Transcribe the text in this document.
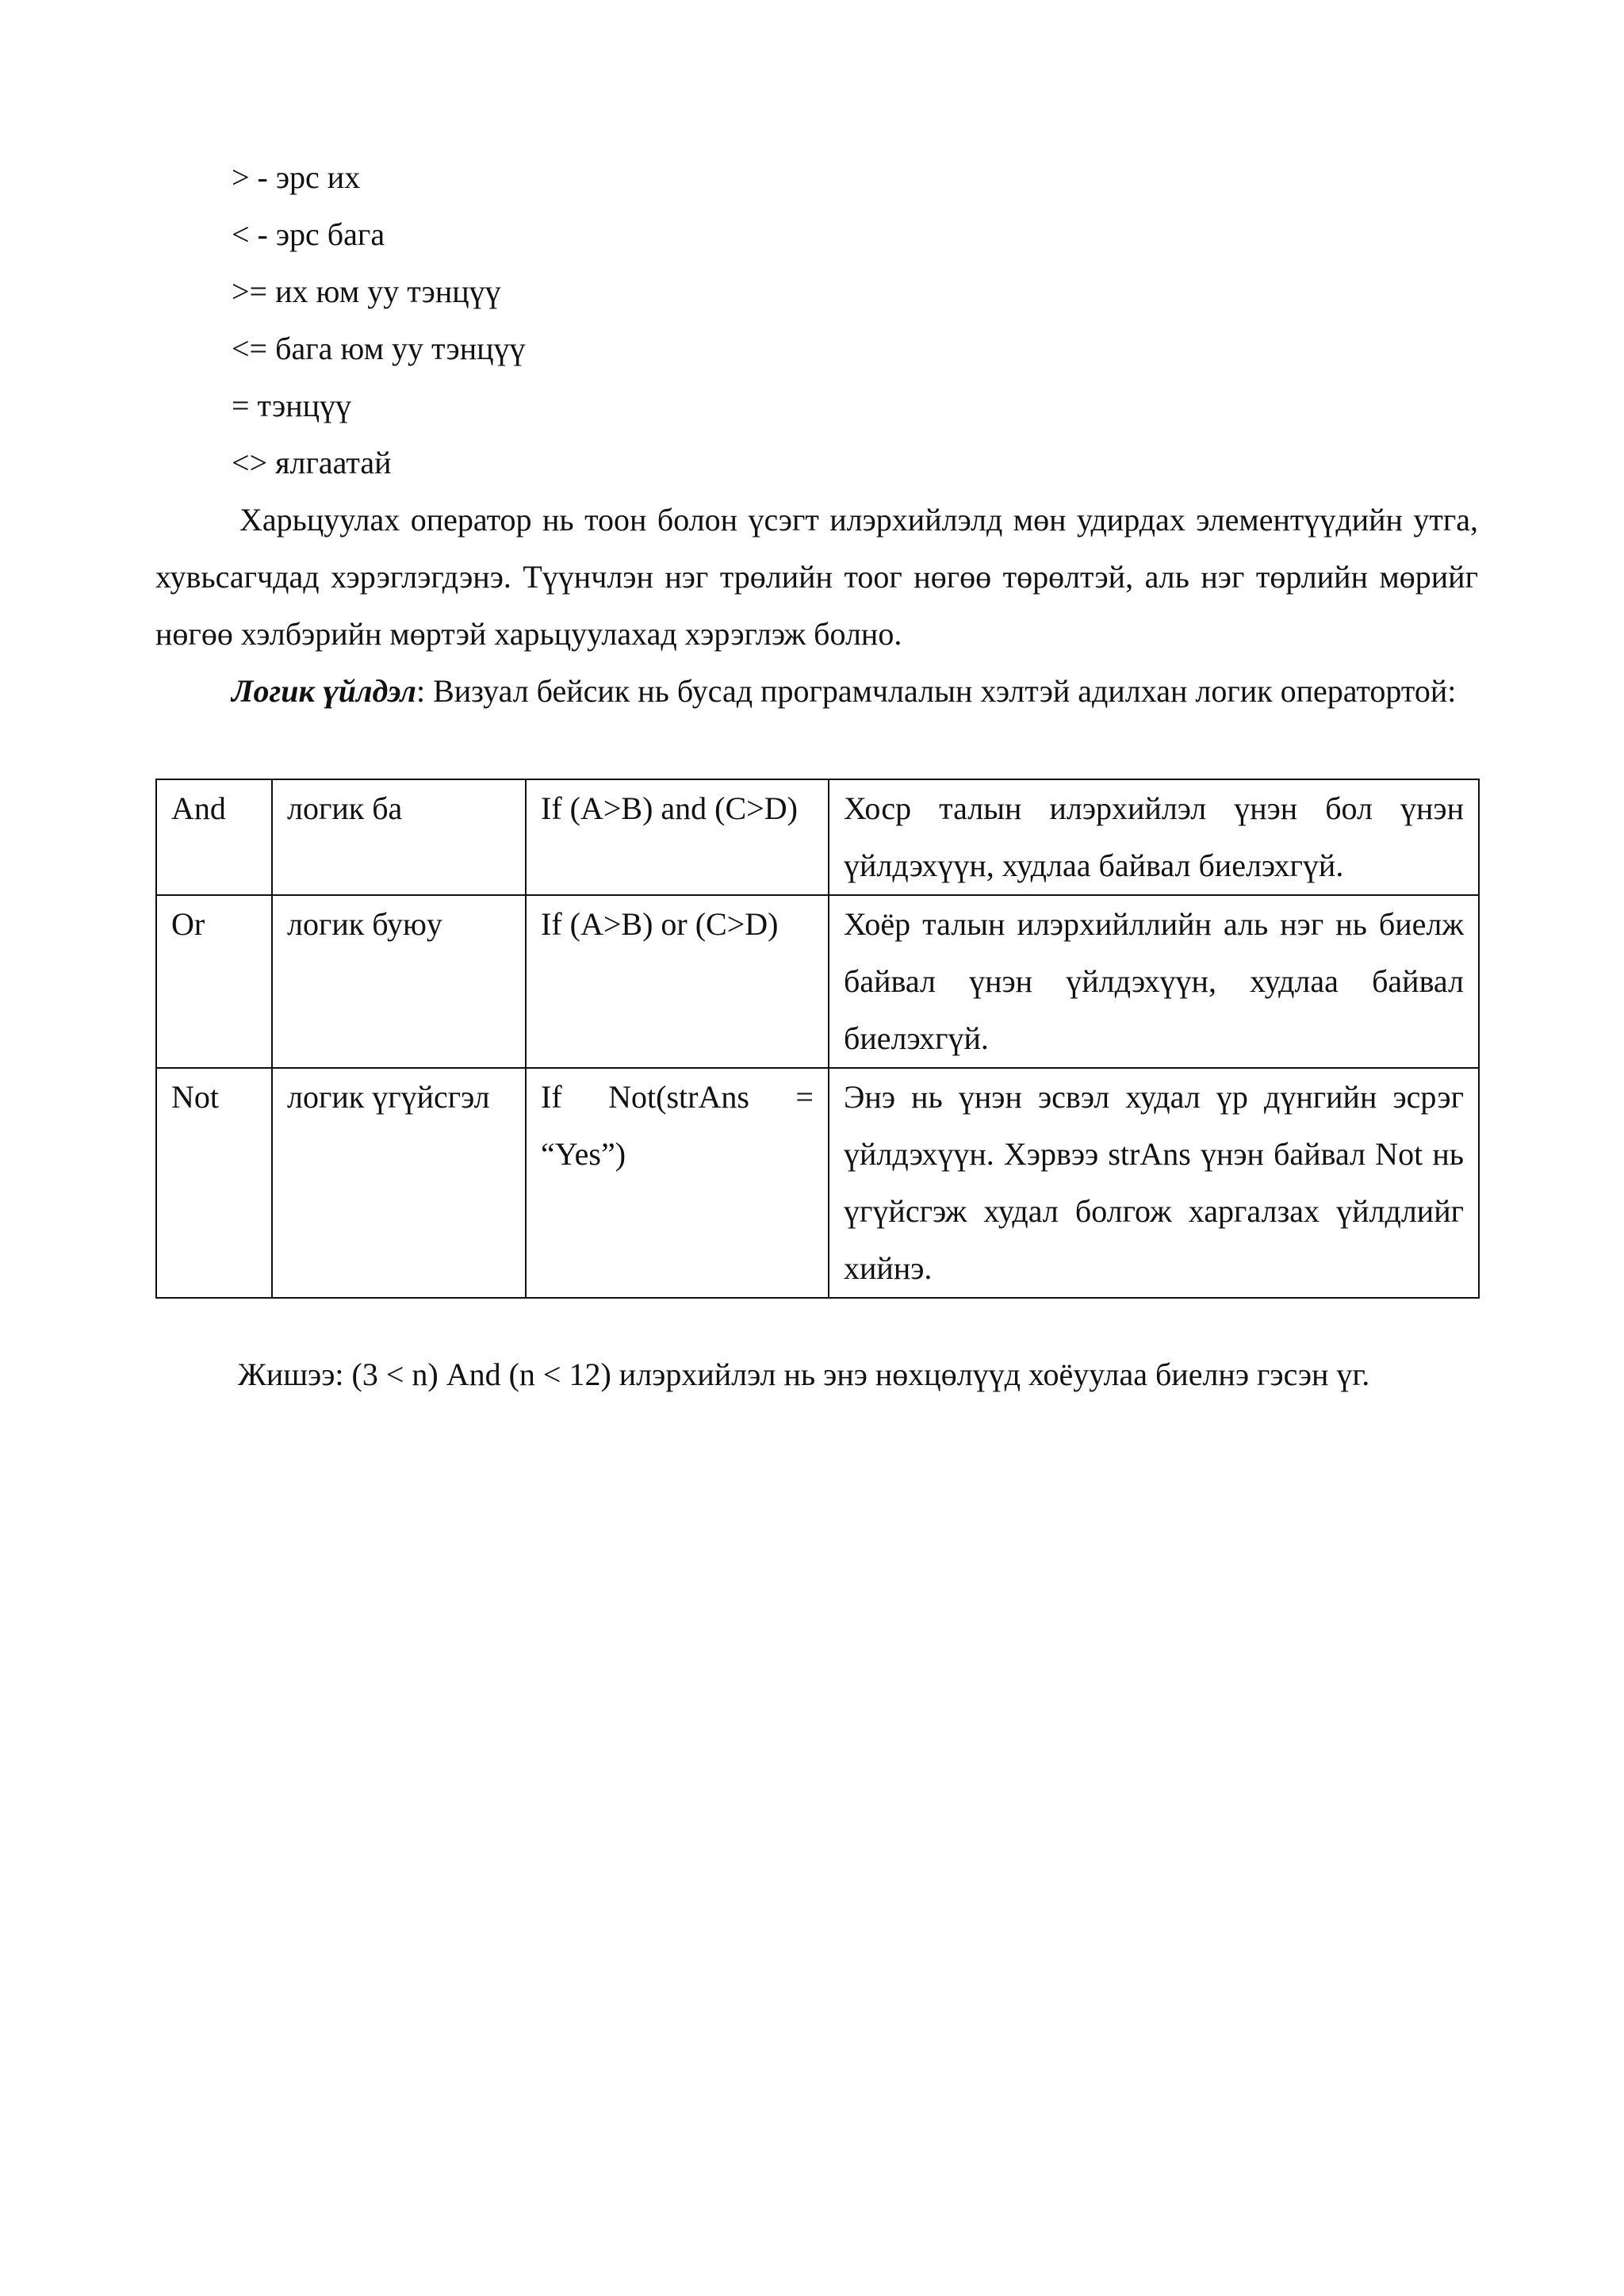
> - эрс их
< - эрс бага
>= их юм уу тэнцүү
<= бага юм уу тэнцүү
= тэнцүү
<> ялгаатай
Харьцуулах оператор нь тоон болон үсэгт илэрхийлэлд мөн удирдах элементүүдийн утга, хувьсагчдад хэрэглэгдэнэ. Түүнчлэн нэг трөлийн тоог нөгөө төрөлтэй, аль нэг төрлийн мөрийг нөгөө хэлбэрийн мөртэй харьцуулахад хэрэглэж болно.
Логик үйлдэл: Визуал бейсик нь бусад програмчлалын хэлтэй адилхан логик оператортой:
And	логик ба	If (A>B) and (C>D)	Хоср талын илэрхийлэл үнэн бол үнэн үйлдэхүүн, худлаа байвал биелэхгүй.
Or	логик буюу	If (A>B) or (C>D)	Хоёр талын илэрхийллийн аль нэг нь биелж байвал үнэн үйлдэхүүн, худлаа байвал биелэхгүй.
Not	логик үгүйсгэл	If Not(strAns = “Yes”)	Энэ нь үнэн эсвэл худал үр дүнгийн эсрэг үйлдэхүүн. Хэрвээ strAns үнэн байвал Not нь үгүйсгэж худал болгож харгалзах үйлдлийг хийнэ.
Жишээ: (3 < n) And (n < 12) илэрхийлэл нь энэ нөхцөлүүд хоёуулаа биелнэ гэсэн үг.
